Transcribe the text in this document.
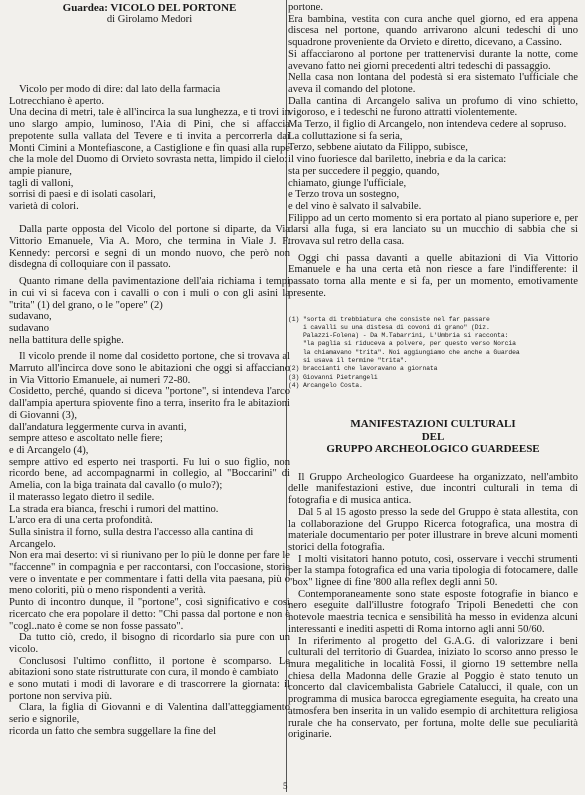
Guardea: VICOLO DEL PORTONE

di Girolamo Medori

Vicolo per modo di dire: dal lato della farmacia

Lotrecchiano è aperto.

Una decina di metri, tale è all'incirca la sua lunghezza, e ti trovi in uno slargo ampio, luminoso, l'Aia di Pini, che si affaccia prepotente sulla vallata del Tevere e ti invita a percorrerla dai Monti Cimini a Montefiascone, a Castiglione e fin quasi alla rupe che la mole del Duomo di Orvieto sovrasta netta, limpido il cielo:

ampie pianure,

tagli di valloni,

sorrisi di paesi e di isolati casolari,

varietà di colori.

Dalla parte opposta del Vicolo del portone si diparte, da Via Vittorio Emanuele, Via A. Moro, che termina in Viale J. F. Kennedy: percorsi e segni di un mondo nuovo, che però non disdegna di colloquiare con il passato.

Quanto rimane della pavimentazione dell'aia richiama i tempi in cui vi si faceva con i cavalli o con i muli o con gli asini la "trita" (1) del grano, o le "opere" (2)

sudavano,

sudavano

nella battitura delle spighe.

Il vicolo prende il nome dal cosidetto portone, che si trovava al Marruto all'incirca dove sono le abitazioni che oggi si affacciano in Via Vittorio Emanuele, ai numeri 72-80.

Cosidetto, perché, quando si diceva "portone", si intendeva l'arco dall'ampia apertura spiovente fino a terra, inserito fra le abitazioni di Giovanni (3),

dall'andatura leggermente curva in avanti,

sempre atteso e ascoltato nelle fiere;

e di Arcangelo (4),

sempre attivo ed esperto nei trasporti. Fu lui o suo figlio, non ricordo bene, ad accompagnarmi in collegio, al "Boccarini" di Amelia, con la biga trainata dal cavallo (o mulo?);

il materasso legato dietro il sedile.

La strada era bianca, freschi i rumori del mattino.

L'arco era di una certa profondità.

Sulla sinistra il forno, sulla destra l'accesso alla cantina di Arcangelo.

Non era mai deserto: vi si riunivano per lo più le donne per fare le "faccenne" in compagnia e per raccontarsi, con l'occasione, storie vere o inventate e per commentare i fatti della vita paesana, più o meno coloriti, più o meno rispondenti a verità.

Punto di incontro dunque, il "portone", così significativo e così ricercato che era popolare il detto: "Chi passa dal portone e non è "cogl..nato è come se non fosse passato".

Da tutto ciò, credo, il bisogno di ricordarlo sia pure con un vicolo.

Conclusosi l'ultimo conflitto, il portone è scomparso. Le abitazioni sono state ristrutturate con cura, il mondo è cambiato

e sono mutati i modi di lavorare e di trascorrere la giornata: il portone non serviva più.

Clara, la figlia di Giovanni e di Valentina dall'atteggiamento serio e signorile,

ricorda un fatto che sembra suggellare la fine del

portone.

Era bambina, vestita con cura anche quel giorno, ed era appena discesa nel portone, quando arrivarono alcuni tedeschi di uno squadrone proveniente da Orvieto e diretto, dicevano, a Cassino.

Si affacciarono al portone per trattenervisi durante la notte, come avevano fatto nei giorni precedenti altri tedeschi di passaggio.

Nella casa non lontana del podestà si era sistemato l'ufficiale che aveva il comando del plotone.

Dalla cantina di Arcangelo saliva un profumo di vino schietto, vigoroso, e i tedeschi ne furono attratti violentemente.

Ma Terzo, il figlio di Arcangelo, non intendeva cedere al sopruso.

La colluttazione si fa seria,

Terzo, sebbene aiutato da Filippo, subisce,

il vino fuoriesce dal bariletto, inebria e da la carica:

sta per succedere il peggio, quando,

chiamato, giunge l'ufficiale,

e Terzo trova un sostegno,

e del vino è salvato il salvabile.

Filippo ad un certo momento si era portato al piano superiore e, per darsi alla fuga, si era lanciato su un mucchio di sabbia che si trovava sul retro della casa.

Oggi chi passa davanti a quelle abitazioni di Via Vittorio Emanuele e ha una certa età non riesce a fare l'indifferente: il passato torna alla mente e si fa, per un momento, emotivamente presente.

(1) "sorta di trebbiatura che consiste nel far passare

i cavalli su una distesa di covoni di grano" (Diz.

Palazzi-Folena) - Da M.Tabarrini, L'Umbria si racconta:

"la paglia si riduceva a polvere, per questo verso Norcia

la chiamavano "trita". Noi aggiungiamo che anche a Guardea

si usava il termine "trita".

(2) braccianti che lavoravano a giornata

(3) Giovanni Pietrangeli

(4) Arcangelo Costa.

MANIFESTAZIONI CULTURALI

DEL

GRUPPO ARCHEOLOGICO GUARDEESE

Il Gruppo Archeologico Guardeese ha organizzato, nell'ambito delle manifestazioni estive, due incontri culturali in tema di fotografia e di musica antica.

Dal 5 al 15 agosto presso la sede del Gruppo è stata allestita, con la collaborazione del Gruppo Ricerca fotografica, una mostra di materiale documentario per poter illustrare in breve alcuni momenti storici della fotografia.

I molti visitatori hanno potuto, così, osservare i vecchi strumenti per la stampa fotografica ed una varia tipologia di fotocamere, dalle "box" lignee di fine '800 alla reflex degli anni 50.

Contemporaneamente sono state esposte fotografie in bianco e nero eseguite dall'illustre fotografo Tripoli Benedetti che con notevole maestria tecnica e sensibilità ha messo in evidenza alcuni interessanti e inediti aspetti di Roma intorno agli anni 50/60.

In riferimento al progetto del G.A.G. di valorizzare i beni culturali del territorio di Guardea, iniziato lo scorso anno presso le mura megalitiche in località Fossi, il giorno 19 settembre nella chiesa della Madonna delle Grazie al Poggio è stato tenuto un concerto dal clavicembalista Gabriele Catalucci, il quale, con un programma di musica barocca egregiamente eseguita, ha creato una atmosfera ben inserita in un valido esempio di architettura religiosa rurale che ha conservato, per fortuna, molte delle sue peculiarità originarie.

5
